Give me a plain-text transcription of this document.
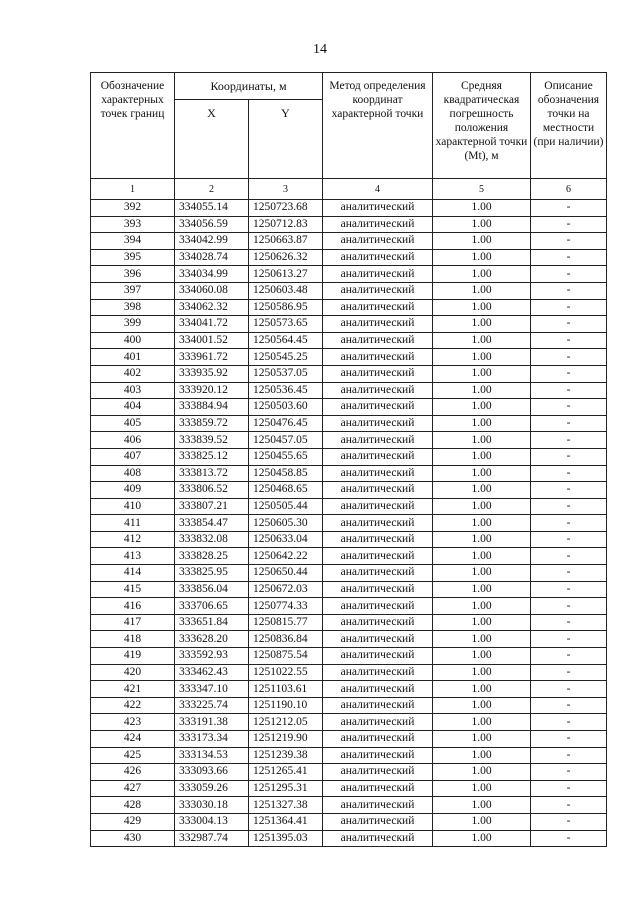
14
Обозначение характерных точек границ	Координаты, м		Метод определения координат характерной точки	Средняя квадратическая погрешность положения характерной точки (Mt), м	Описание обозначения точки на местности (при наличии)
	X	Y			
1	2	3	4	5	6
392	334055.14	1250723.68	аналитический	1.00	-
393	334056.59	1250712.83	аналитический	1.00	-
394	334042.99	1250663.87	аналитический	1.00	-
395	334028.74	1250626.32	аналитический	1.00	-
396	334034.99	1250613.27	аналитический	1.00	-
397	334060.08	1250603.48	аналитический	1.00	-
398	334062.32	1250586.95	аналитический	1.00	-
399	334041.72	1250573.65	аналитический	1.00	-
400	334001.52	1250564.45	аналитический	1.00	-
401	333961.72	1250545.25	аналитический	1.00	-
402	333935.92	1250537.05	аналитический	1.00	-
403	333920.12	1250536.45	аналитический	1.00	-
404	333884.94	1250503.60	аналитический	1.00	-
405	333859.72	1250476.45	аналитический	1.00	-
406	333839.52	1250457.05	аналитический	1.00	-
407	333825.12	1250455.65	аналитический	1.00	-
408	333813.72	1250458.85	аналитический	1.00	-
409	333806.52	1250468.65	аналитический	1.00	-
410	333807.21	1250505.44	аналитический	1.00	-
411	333854.47	1250605.30	аналитический	1.00	-
412	333832.08	1250633.04	аналитический	1.00	-
413	333828.25	1250642.22	аналитический	1.00	-
414	333825.95	1250650.44	аналитический	1.00	-
415	333856.04	1250672.03	аналитический	1.00	-
416	333706.65	1250774.33	аналитический	1.00	-
417	333651.84	1250815.77	аналитический	1.00	-
418	333628.20	1250836.84	аналитический	1.00	-
419	333592.93	1250875.54	аналитический	1.00	-
420	333462.43	1251022.55	аналитический	1.00	-
421	333347.10	1251103.61	аналитический	1.00	-
422	333225.74	1251190.10	аналитический	1.00	-
423	333191.38	1251212.05	аналитический	1.00	-
424	333173.34	1251219.90	аналитический	1.00	-
425	333134.53	1251239.38	аналитический	1.00	-
426	333093.66	1251265.41	аналитический	1.00	-
427	333059.26	1251295.31	аналитический	1.00	-
428	333030.18	1251327.38	аналитический	1.00	-
429	333004.13	1251364.41	аналитический	1.00	-
430	332987.74	1251395.03	аналитический	1.00	-
